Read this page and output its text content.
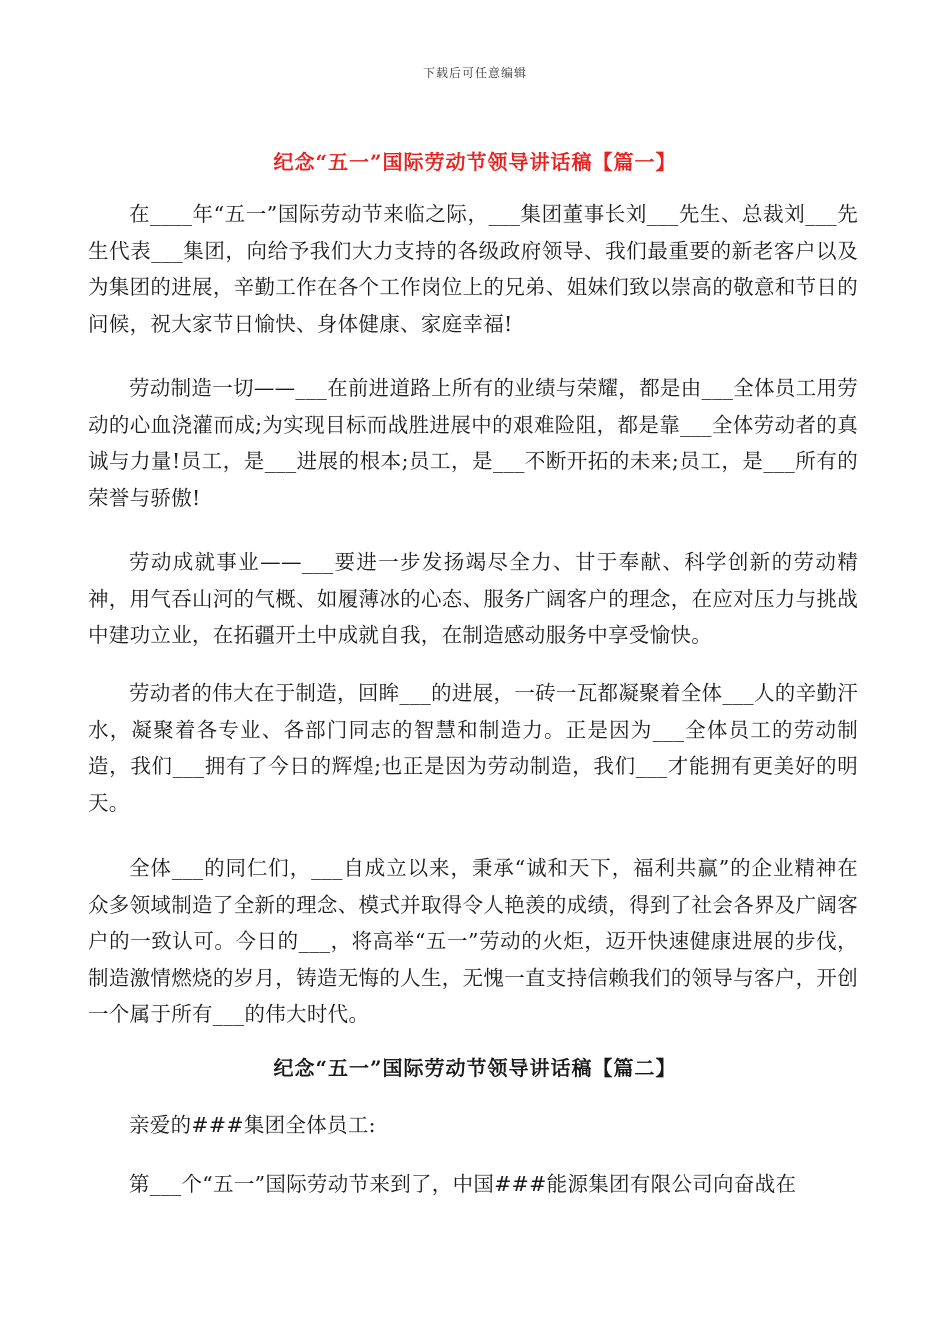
下载后可任意编辑
纪念“五一”国际劳动节领导讲话稿【篇一】

在____年“五一”国际劳动节来临之际，___集团董事长刘___先生、总裁刘___先生代表___集团，向给予我们大力支持的各级政府领导、我们最重要的新老客户以及为集团的进展，辛勤工作在各个工作岗位上的兄弟、姐妹们致以崇高的敬意和节日的问候，祝大家节日愉快、身体健康、家庭幸福!

劳动制造一切——___在前进道路上所有的业绩与荣耀，都是由___全体员工用劳动的心血浇灌而成;为实现目标而战胜进展中的艰难险阻，都是靠___全体劳动者的真诚与力量!员工，是___进展的根本;员工，是___不断开拓的未来;员工，是___所有的荣誉与骄傲!

劳动成就事业——___要进一步发扬竭尽全力、甘于奉献、科学创新的劳动精神，用气吞山河的气概、如履薄冰的心态、服务广阔客户的理念，在应对压力与挑战中建功立业，在拓疆开土中成就自我，在制造感动服务中享受愉快。

劳动者的伟大在于制造，回眸___的进展，一砖一瓦都凝聚着全体___人的辛勤汗水，凝聚着各专业、各部门同志的智慧和制造力。正是因为___全体员工的劳动制造，我们___拥有了今日的辉煌;也正是因为劳动制造，我们___才能拥有更美好的明天。

全体___的同仁们，___自成立以来，秉承“诚和天下，福利共赢”的企业精神在众多领域制造了全新的理念、模式并取得令人艳羡的成绩，得到了社会各界及广阔客户的一致认可。今日的___，将高举“五一”劳动的火炬，迈开快速健康进展的步伐，制造激情燃烧的岁月，铸造无悔的人生，无愧一直支持信赖我们的领导与客户，开创一个属于所有___的伟大时代。

纪念“五一”国际劳动节领导讲话稿【篇二】

亲爱的###集团全体员工:

第___个“五一”国际劳动节来到了，中国###能源集团有限公司向奋战在
